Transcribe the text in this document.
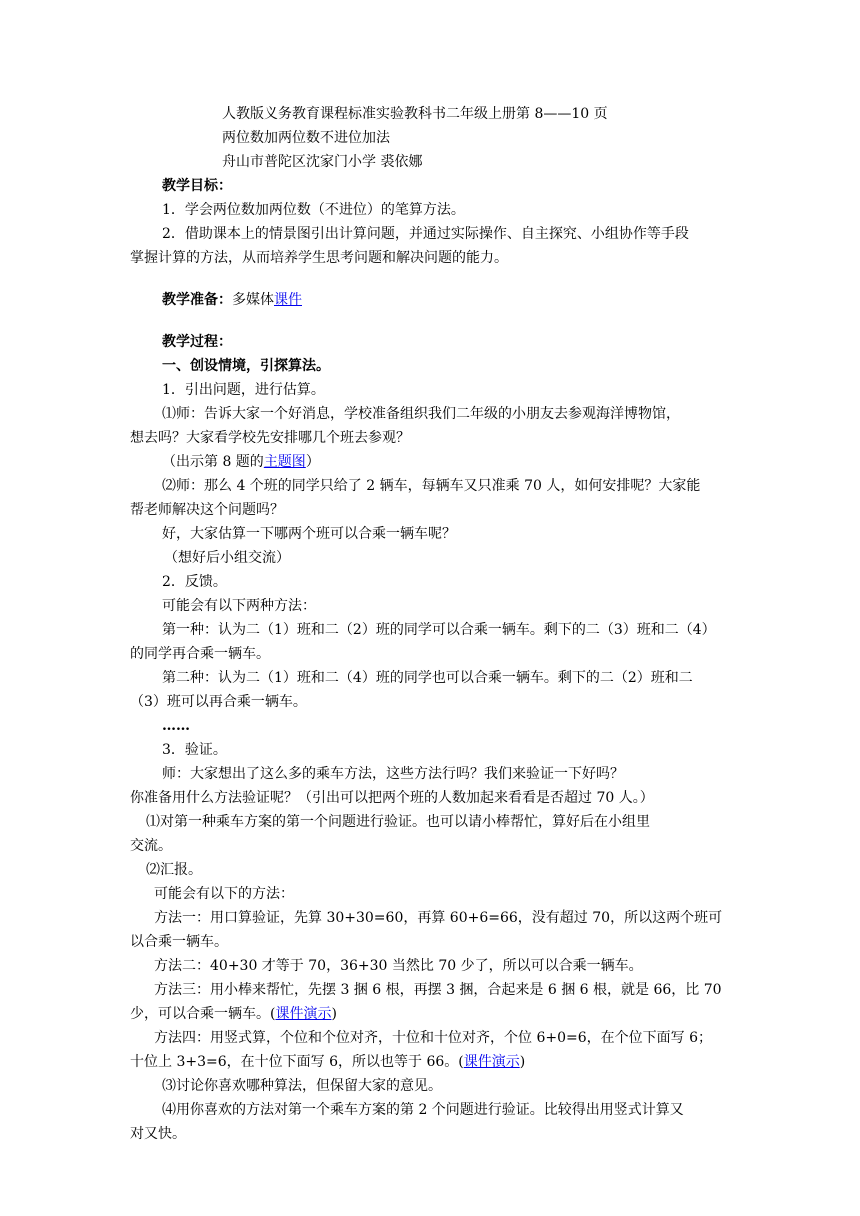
人教版义务教育课程标准实验教科书二年级上册第 8——10 页
两位数加两位数不进位加法
舟山市普陀区沈家门小学 裘依娜
教学目标：
1．学会两位数加两位数（不进位）的笔算方法。
2．借助课本上的情景图引出计算问题，并通过实际操作、自主探究、小组协作等手段
掌握计算的方法，从而培养学生思考问题和解决问题的能力。
教学准备：多媒体课件
教学过程：
一、创设情境，引探算法。
1．引出问题，进行估算。
⑴师：告诉大家一个好消息，学校准备组织我们二年级的小朋友去参观海洋博物馆，
想去吗？大家看学校先安排哪几个班去参观？
（出示第 8 题的主题图）
⑵师：那么 4 个班的同学只给了 2 辆车，每辆车又只准乘 70 人，如何安排呢？大家能
帮老师解决这个问题吗？
好，大家估算一下哪两个班可以合乘一辆车呢？
（想好后小组交流）
2．反馈。
可能会有以下两种方法：
第一种：认为二（1）班和二（2）班的同学可以合乘一辆车。剩下的二（3）班和二（4）
的同学再合乘一辆车。
第二种：认为二（1）班和二（4）班的同学也可以合乘一辆车。剩下的二（2）班和二
（3）班可以再合乘一辆车。
……
3．验证。
师：大家想出了这么多的乘车方法，这些方法行吗？我们来验证一下好吗？
你准备用什么方法验证呢？（引出可以把两个班的人数加起来看看是否超过 70 人。）
⑴对第一种乘车方案的第一个问题进行验证。也可以请小棒帮忙，算好后在小组里
交流。
⑵汇报。
可能会有以下的方法：
方法一：用口算验证，先算 30+30=60，再算 60+6=66，没有超过 70，所以这两个班可
以合乘一辆车。
方法二：40+30 才等于 70，36+30 当然比 70 少了，所以可以合乘一辆车。
方法三：用小棒来帮忙，先摆 3 捆 6 根，再摆 3 捆，合起来是 6 捆 6 根，就是 66，比 70
少，可以合乘一辆车。(课件演示)
方法四：用竖式算，个位和个位对齐，十位和十位对齐，个位 6+0=6，在个位下面写 6；
十位上 3+3=6，在十位下面写 6，所以也等于 66。(课件演示)
⑶讨论你喜欢哪种算法，但保留大家的意见。
⑷用你喜欢的方法对第一个乘车方案的第 2 个问题进行验证。比较得出用竖式计算又
对又快。
